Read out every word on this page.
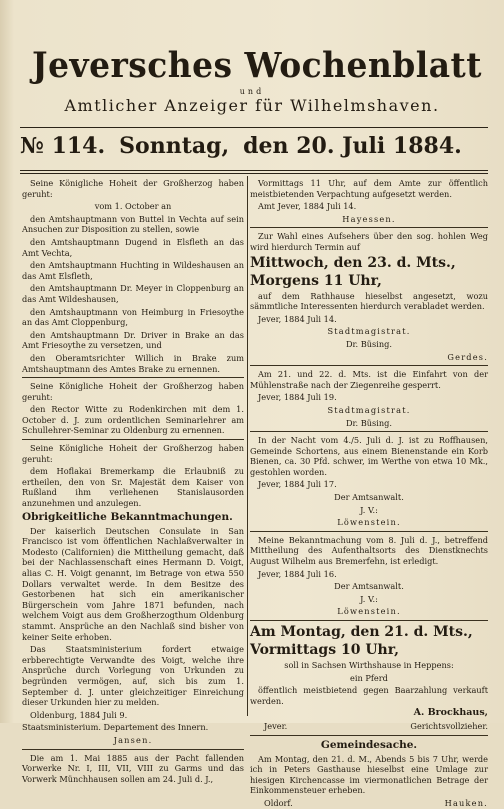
Jeversches Wochenblatt
und
Amtlicher Anzeiger für Wilhelmshaven.
№ 114. Sonntag, den 20. Juli 1884.

Seine Königliche Hoheit der Großherzog haben geruht:

vom 1. October an

den Amtshauptmann von Buttel in Vechta auf sein Ansuchen zur Disposition zu stellen, sowie

den Amtshauptmann Dugend in Elsfleth an das Amt Vechta,

den Amtshauptmann Huchting in Wildeshausen an das Amt Elsfleth,

den Amtshauptmann Dr. Meyer in Cloppenburg an das Amt Wildeshausen,

den Amtshauptmann von Heimburg in Friesoythe an das Amt Cloppenburg,

den Amtshauptmann Dr. Driver in Brake an das Amt Friesoythe zu versetzen, und

den Oberamtsrichter Willich in Brake zum Amtshauptmann des Amtes Brake zu ernennen.

Seine Königliche Hoheit der Großherzog haben geruht:

den Rector Witte zu Rodenkirchen mit dem 1. October d. J. zum ordentlichen Seminarlehrer am Schullehrer-Seminar zu Oldenburg zu ernennen.

Seine Königliche Hoheit der Großherzog haben geruht:

dem Hoflakai Bremerkamp die Erlaubniß zu ertheilen, den von Sr. Majestät dem Kaiser von Rußland ihm verliehenen Stanislausorden anzunehmen und anzulegen.

Obrigkeitliche Bekanntmachungen.

Der kaiserlich Deutschen Consulate in San Francisco ist vom öffentlichen Nachlaßverwalter in Modesto (Californien) die Mittheilung gemacht, daß bei der Nachlassenschaft eines Hermann D. Voigt, alias C. H. Voigt genannt, im Betrage von etwa 550 Dollars verwaltet werde. In dem Besitze des Gestorbenen hat sich ein amerikanischer Bürgerschein vom Jahre 1871 befunden, nach welchem Voigt aus dem Großherzogthum Oldenburg stammt. Ansprüche an den Nachlaß sind bisher von keiner Seite erhoben.

Das Staatsministerium fordert etwaige erbberechtigte Verwandte des Voigt, welche ihre Ansprüche durch Vorlegung von Urkunden zu begründen vermögen, auf, sich bis zum 1. September d. J. unter gleichzeitiger Einreichung dieser Urkunden hier zu melden.

Oldenburg, 1884 Juli 9.

Staatsministerium. Departement des Innern.

Jansen.

Die am 1. Mai 1885 aus der Pacht fallenden Vorwerke Nr. I, III, VII, VIII zu Garms und das Vorwerk Münchhausen sollen am 24. Juli d. J.,

Vormittags 11 Uhr, auf dem Amte zur öffentlich meistbietenden Verpachtung aufgesetzt werden.

Amt Jever, 1884 Juli 14.

Hayessen.

Zur Wahl eines Aufsehers über den sog. hohlen Weg wird hierdurch Termin auf

Mittwoch, den 23. d. Mts.,

Morgens 11 Uhr,

auf dem Rathhause hieselbst angesetzt, wozu sämmtliche Interessenten hierdurch verabladet werden.

Jever, 1884 Juli 14.

Stadtmagistrat.

Dr. Büsing.

Gerdes.

Am 21. und 22. d. Mts. ist die Einfahrt von der Mühlenstraße nach der Ziegenreihe gesperrt.

Jever, 1884 Juli 19.

Stadtmagistrat.

Dr. Büsing.

In der Nacht vom 4./5. Juli d. J. ist zu Roffhausen, Gemeinde Schortens, aus einem Bienenstande ein Korb Bienen, ca. 30 Pfd. schwer, im Werthe von etwa 10 Mk., gestohlen worden.

Jever, 1884 Juli 17.

Der Amtsanwalt.

J. V.:

Löwenstein.

Meine Bekanntmachung vom 8. Juli d. J., betreffend Mittheilung des Aufenthaltsorts des Dienstknechts August Wilhelm aus Bremerfehn, ist erledigt.

Jever, 1884 Juli 16.

Der Amtsanwalt.

J. V.:

Löwenstein.

Am Montag, den 21. d. Mts.,

Vormittags 10 Uhr,

soll in Sachsen Wirthshause in Heppens:

ein Pferd

öffentlich meistbietend gegen Baarzahlung verkauft werden.

A. Brockhaus,

Jever.	Gerichtsvollzieher.

Gemeindesache.

Am Montag, den 21. d. M., Abends 5 bis 7 Uhr, werde ich in Peters Gasthause hieselbst eine Umlage zur hiesigen Kirchencasse im viermonatlichen Betrage der Einkommensteuer erheben.

Oldorf.	Hauken.
